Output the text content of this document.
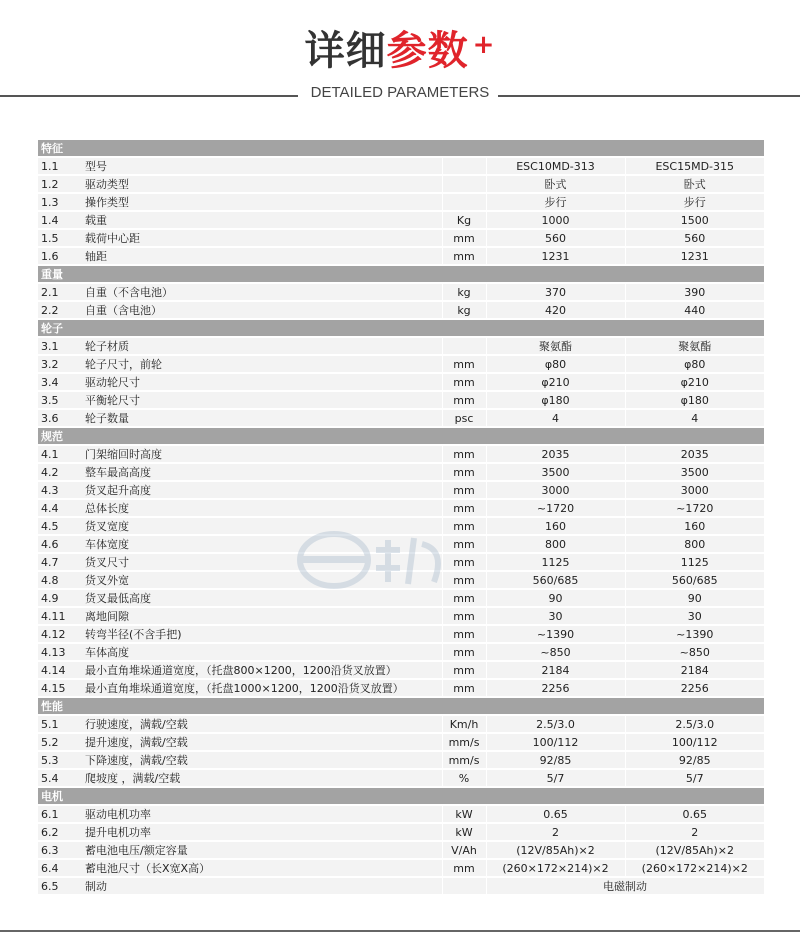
详细参数 +
DETAILED PARAMETERS
特征				
1.1	型号		ESC10MD-313	ESC15MD-315
1.2	驱动类型		卧式	卧式
1.3	操作类型		步行	步行
1.4	载重	Kg	1000	1500
1.5	载荷中心距	mm	560	560
1.6	轴距	mm	1231	1231
重量				
2.1	自重（不含电池）	kg	370	390
2.2	自重（含电池）	kg	420	440
轮子				
3.1	轮子材质		聚氨酯	聚氨酯
3.2	轮子尺寸，前轮	mm	φ80	φ80
3.4	驱动轮尺寸	mm	φ210	φ210
3.5	平衡轮尺寸	mm	φ180	φ180
3.6	轮子数量	psc	4	4
规范				
4.1	门架缩回时高度	mm	2035	2035
4.2	整车最高高度	mm	3500	3500
4.3	货叉起升高度	mm	3000	3000
4.4	总体长度	mm	~1720	~1720
4.5	货叉宽度	mm	160	160
4.6	车体宽度	mm	800	800
4.7	货叉尺寸	mm	1125	1125
4.8	货叉外宽	mm	560/685	560/685
4.9	货叉最低高度	mm	90	90
4.11	离地间隙	mm	30	30
4.12	转弯半径(不含手把)	mm	~1390	~1390
4.13	车体高度	mm	~850	~850
4.14	最小直角堆垛通道宽度，（托盘800×1200，1200沿货叉放置）	mm	2184	2184
4.15	最小直角堆垛通道宽度，（托盘1000×1200，1200沿货叉放置）	mm	2256	2256
性能				
5.1	行驶速度，满载/空载	Km/h	2.5/3.0	2.5/3.0
5.2	提升速度，满载/空载	mm/s	100/112	100/112
5.3	下降速度，满载/空载	mm/s	92/85	92/85
5.4	爬坡度 ，满载/空载	%	5/7	5/7
电机				
6.1	驱动电机功率	kW	0.65	0.65
6.2	提升电机功率	kW	2	2
6.3	蓄电池电压/额定容量	V/Ah	(12V/85Ah)×2	(12V/85Ah)×2
6.4	蓄电池尺寸（长X宽X高）	mm	(260×172×214)×2	(260×172×214)×2
6.5	制动		电磁制动	
